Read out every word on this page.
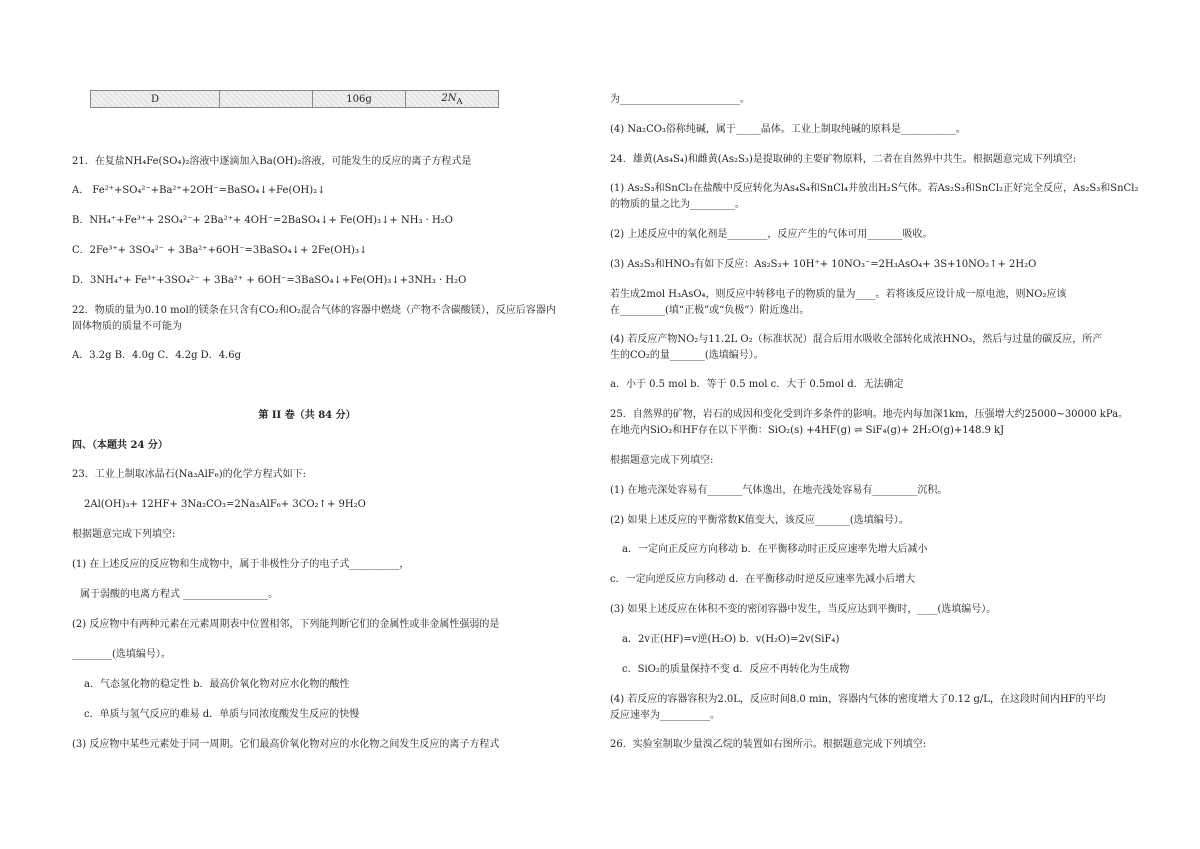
D		106g	$2N_A$
21．在复盐NH₄Fe(SO₄)₂溶液中逐滴加入Ba(OH)₂溶液，可能发生的反应的离子方程式是
A． Fe²⁺+SO₄²⁻+Ba²⁺+2OH⁻=BaSO₄↓+Fe(OH)₂↓
B．NH₄⁺+Fe³⁺+ 2SO₄²⁻+ 2Ba²⁺+ 4OH⁻=2BaSO₄↓+ Fe(OH)₃↓+ NH₃ · H₂O
C．2Fe³⁺+ 3SO₄²⁻ + 3Ba²⁺+6OH⁻=3BaSO₄↓+ 2Fe(OH)₃↓
D．3NH₄⁺+ Fe³⁺+3SO₄²⁻ + 3Ba²⁺ + 6OH⁻=3BaSO₄↓+Fe(OH)₃↓+3NH₃ · H₂O
22．物质的量为0.10 mol的镁条在只含有CO₂和O₂混合气体的容器中燃烧（产物不含碳酸镁），反应后容器内
固体物质的质量不可能为
A．3.2g B．4.0g C．4.2g D．4.6g
第 II 卷（共 84 分）
四、（本题共 24 分）
23．工业上制取冰晶石(Na₃AlF₆)的化学方程式如下:
2Al(OH)₃+ 12HF+ 3Na₂CO₃=2Na₃AlF₆+ 3CO₂↑+ 9H₂O
根据题意完成下列填空:
(1) 在上述反应的反应物和生成物中，属于非极性分子的电子式__________，
属于弱酸的电离方程式 _________________。
(2) 反应物中有两种元素在元素周期表中位置相邻，下列能判断它们的金属性或非金属性强弱的是
________(选填编号）。
a．气态氢化物的稳定性 b．最高价氧化物对应水化物的酸性
c．单质与氢气反应的难易 d．单质与同浓度酸发生反应的快慢
(3) 反应物中某些元素处于同一周期。它们最高价氧化物对应的水化物之间发生反应的离子方程式
为________________________。
(4) Na₂CO₃俗称纯碱，属于_____晶体。工业上制取纯碱的原料是___________。
24．雄黄(As₄S₄)和雌黄(As₂S₃)是提取砷的主要矿物原料，二者在自然界中共生。根据题意完成下列填空:
(1) As₂S₃和SnCl₂在盐酸中反应转化为As₄S₄和SnCl₄并放出H₂S气体。若As₂S₃和SnCl₂正好完全反应，As₂S₃和SnCl₂
的物质的量之比为_________。
(2) 上述反应中的氧化剂是________，反应产生的气体可用_______吸收。
(3) As₂S₃和HNO₃有如下反应：As₂S₃+ 10H⁺+ 10NO₃⁻=2H₃AsO₄+ 3S+10NO₂↑+ 2H₂O
若生成2mol H₃AsO₄，则反应中转移电子的物质的量为____。若将该反应设计成一原电池，则NO₂应该
在_________(填“正极”或“负极”）附近逸出。
(4) 若反应产物NO₂与11.2L O₂（标准状况）混合后用水吸收全部转化成浓HNO₃，然后与过量的碳反应，所产
生的CO₂的量_______(选填编号）。
a．小于 0.5 mol b．等于 0.5 mol c．大于 0.5mol d．无法确定
25．自然界的矿物，岩石的成因和变化受到许多条件的影响。地壳内每加深1km，压强增大约25000~30000 kPa。
在地壳内SiO₂和HF存在以下平衡：SiO₂(s) +4HF(g) ⇌ SiF₄(g)+ 2H₂O(g)+148.9 kJ
根据题意完成下列填空:
(1) 在地壳深处容易有_______气体逸出，在地壳浅处容易有_________沉积。
(2) 如果上述反应的平衡常数K值变大，该反应_______(选填编号）。
a．一定向正反应方向移动 b．在平衡移动时正反应速率先增大后减小
c．一定向逆反应方向移动 d．在平衡移动时逆反应速率先减小后增大
(3) 如果上述反应在体积不变的密闭容器中发生，当反应达到平衡时，____(选填编号）。
a．2v正(HF)=v逆(H₂O) b．v(H₂O)=2v(SiF₄)
c．SiO₂的质量保持不变 d．反应不再转化为生成物
(4) 若反应的容器容积为2.0L，反应时间8.0 min，容器内气体的密度增大了0.12 g/L，在这段时间内HF的平均
反应速率为__________。
26．实验室制取少量溴乙烷的装置如右图所示。根据题意完成下列填空:
